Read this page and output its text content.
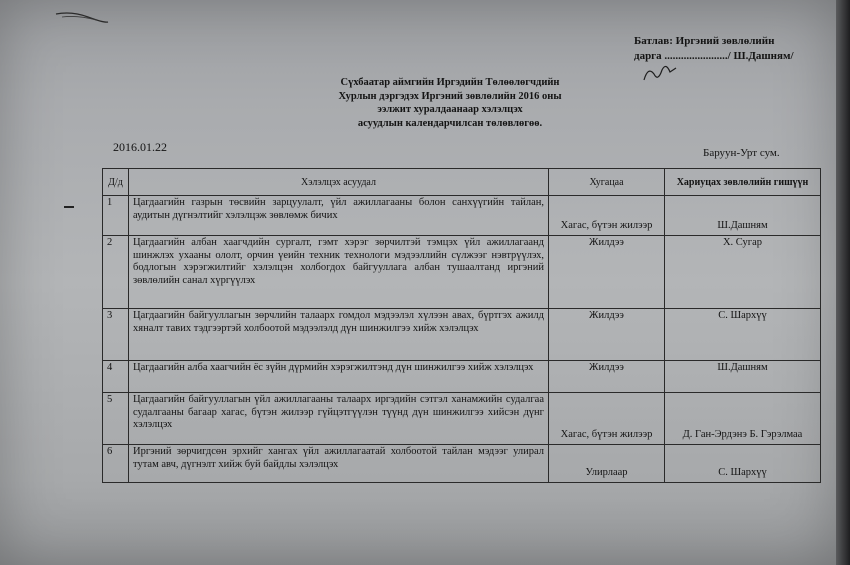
Батлав: Иргэний зөвлөлийн
дарга ......................./ Ш.Дашням/
Сүхбаатар аймгийн Иргэдийн Төлөөлөгчдийн
Хурлын дэргэдэх Иргэний зөвлөлийн 2016 оны
ээлжит хуралдаанаар хэлэлцэх
асуудлын календарчилсан төлөвлөгөө.
2016.01.22	Баруун-Урт сум.
Д/д	Хэлэлцэх асуудал	Хугацаа	Хариуцах зөвлөлийн гишүүн
1	Цагдаагийн газрын төсвийн зарцуулалт, үйл ажиллагааны болон санхүүгийн тайлан, аудитын дүгнэлтийг хэлэлцэж зөвлөмж бичих	Хагас, бүтэн жилээр	Ш.Дашням
2	Цагдаагийн албан хаагчдийн сургалт, гэмт хэрэг зөрчилтэй тэмцэх үйл ажиллагаанд шинжлэх ухааны ололт, орчин үеийн техник технологи мэдээллийн сүлжээг нэвтрүүлэх, бодлогын хэрэгжилтийг хэлэлцэн холбогдох байгууллага албан тушаалтанд иргэний зөвлөлийн санал хүргүүлэх	Жилдээ	Х. Сугар
3	Цагдаагийн байгууллагын зөрчлийн талаарх гомдол мэдээлэл хүлээн авах, бүртгэх ажилд хяналт тавих тэдгээртэй холбоотой мэдээлэлд дүн шинжилгээ хийж хэлэлцэх	Жилдээ	С. Шархүү
4	Цагдаагийн алба хаагчийн ёс зүйн дүрмийн хэрэгжилтэнд дүн шинжилгээ хийж хэлэлцэх	Жилдээ	Ш.Дашням
5	Цагдаагийн байгууллагын үйл ажиллагааны талаарх иргэдийн сэтгэл ханамжийн судалгаа судалгааны багаар хагас, бүтэн жилээр гүйцэтгүүлэн түүнд дүн шинжилгээ хийсэн дүнг хэлэлцэх	Хагас, бүтэн жилээр	Д. Ган-Эрдэнэ Б. Гэрэлмаа
6	Иргэний зөрчигдсөн эрхийг хангах үйл ажиллагаатай холбоотой тайлан мэдээг улирал тутам авч, дүгнэлт хийж буй байдлы хэлэлцэх	Улирлаар	С. Шархүү
